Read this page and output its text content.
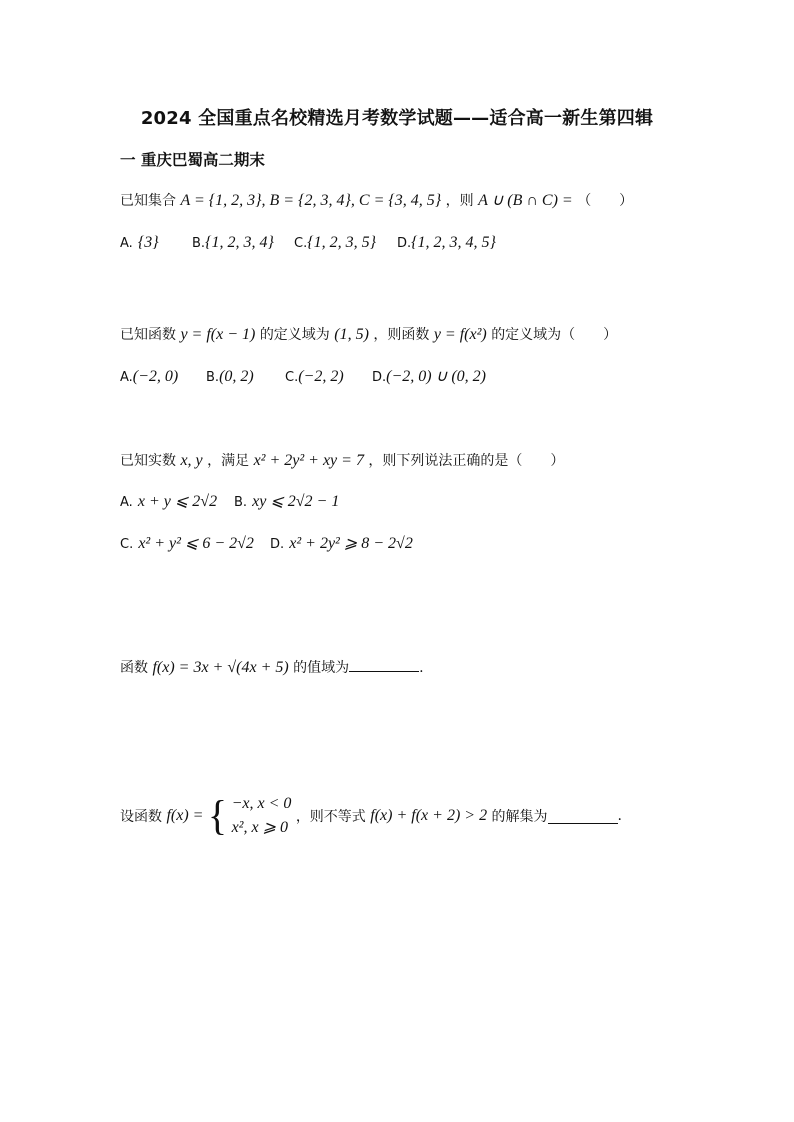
2024 全国重点名校精选月考数学试题——适合高一新生第四辑
一 重庆巴蜀高二期末
已知集合 A = {1, 2, 3}, B = {2, 3, 4}, C = {3, 4, 5} ，则 A ∪ (B ∩ C) = （　　）
A. {3}	B.{1, 2, 3, 4} C.{1, 2, 3, 5} D.{1, 2, 3, 4, 5}
已知函数 y = f(x − 1) 的定义域为 (1, 5) ，则函数 y = f(x²) 的定义域为（　　）
A.(−2, 0) B.(0, 2) C.(−2, 2) D.(−2, 0) ∪ (0, 2)
已知实数 x, y ，满足 x² + 2y² + xy = 7 ，则下列说法正确的是（　　）
A. x + y ⩽ 2√2 B. xy ⩽ 2√2 − 1
C. x² + y² ⩽ 6 − 2√2 D. x² + 2y² ⩾ 8 − 2√2
函数 f(x) = 3x + √(4x + 5) 的值域为	.
设函数 f(x) = { −x, x < 0
x², x ⩾ 0
，则不等式 f(x) + f(x + 2) > 2 的解集为	.
